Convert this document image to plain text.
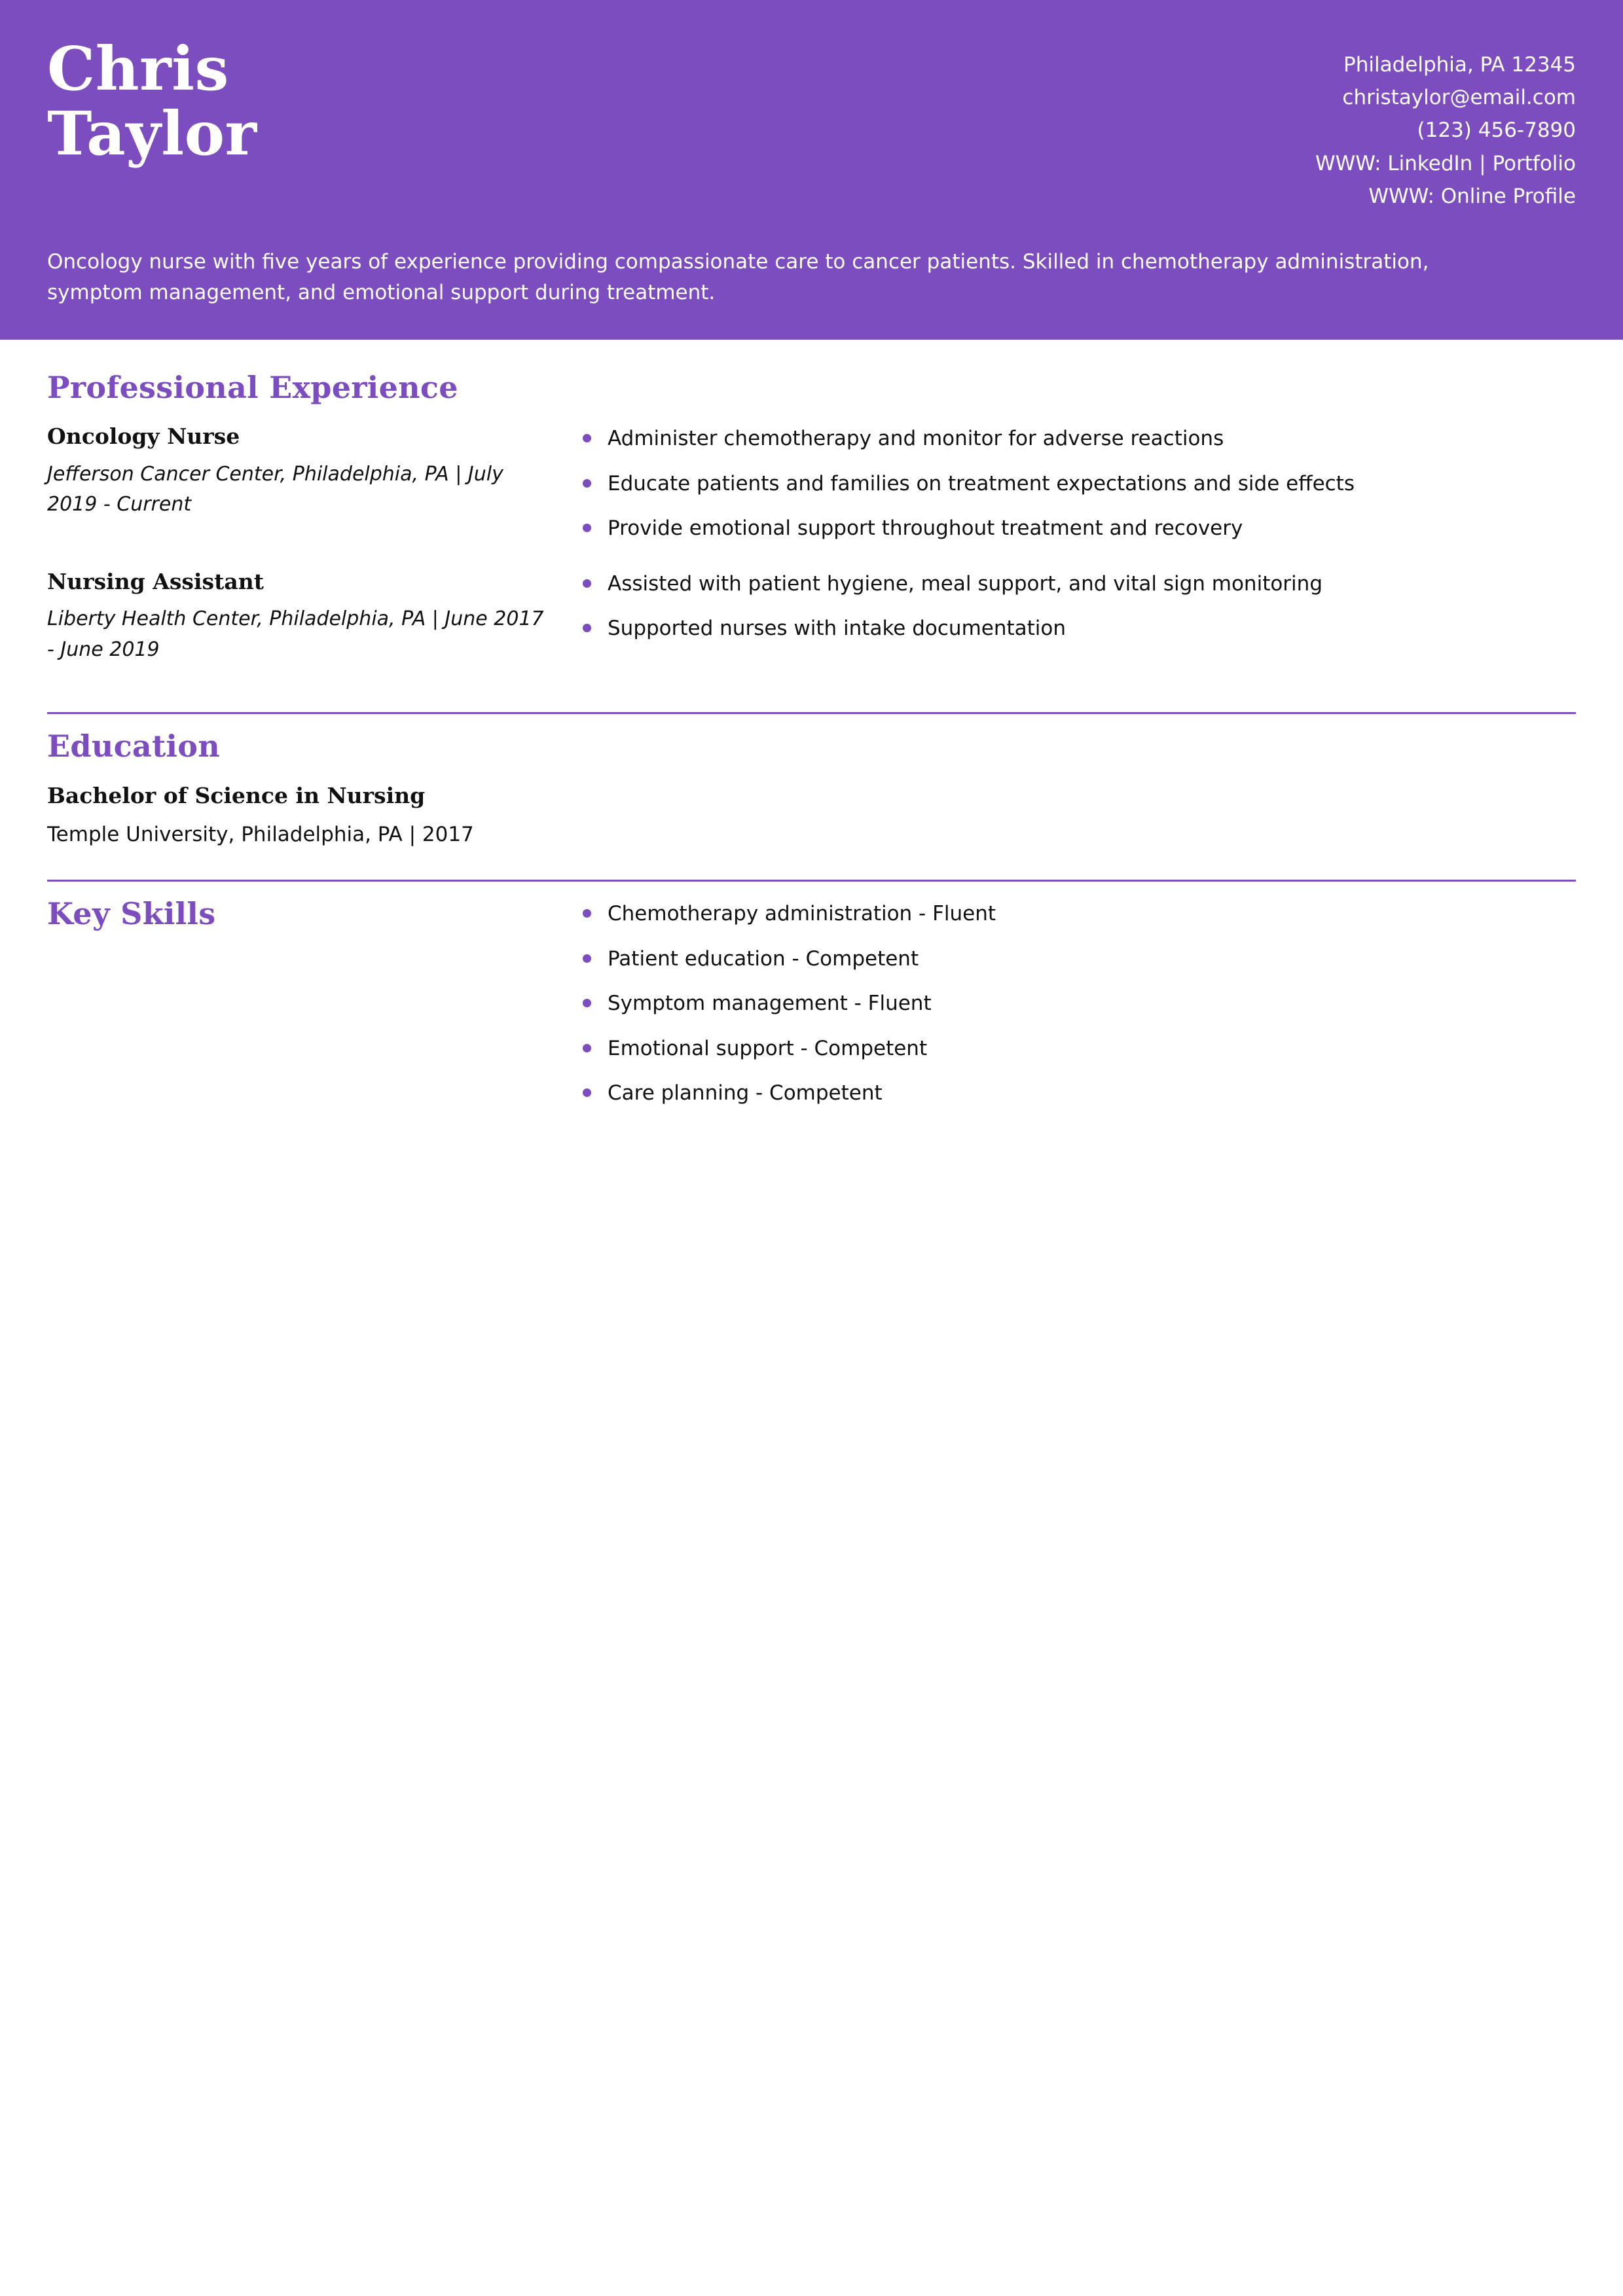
Chris
Taylor
Philadelphia, PA 12345
christaylor@email.com
(123) 456-7890
WWW: LinkedIn | Portfolio
WWW: Online Profile
Oncology nurse with five years of experience providing compassionate care to cancer patients. Skilled in chemotherapy administration, symptom management, and emotional support during treatment.
Professional Experience
Oncology Nurse
Jefferson Cancer Center, Philadelphia, PA | July 2019 - Current
Administer chemotherapy and monitor for adverse reactions
Educate patients and families on treatment expectations and side effects
Provide emotional support throughout treatment and recovery
Nursing Assistant
Liberty Health Center, Philadelphia, PA | June 2017 - June 2019
Assisted with patient hygiene, meal support, and vital sign monitoring
Supported nurses with intake documentation
Education
Bachelor of Science in Nursing
Temple University, Philadelphia, PA | 2017
Key Skills	Chemotherapy administration - Fluent
Patient education - Competent
Symptom management - Fluent
Emotional support - Competent
Care planning - Competent
